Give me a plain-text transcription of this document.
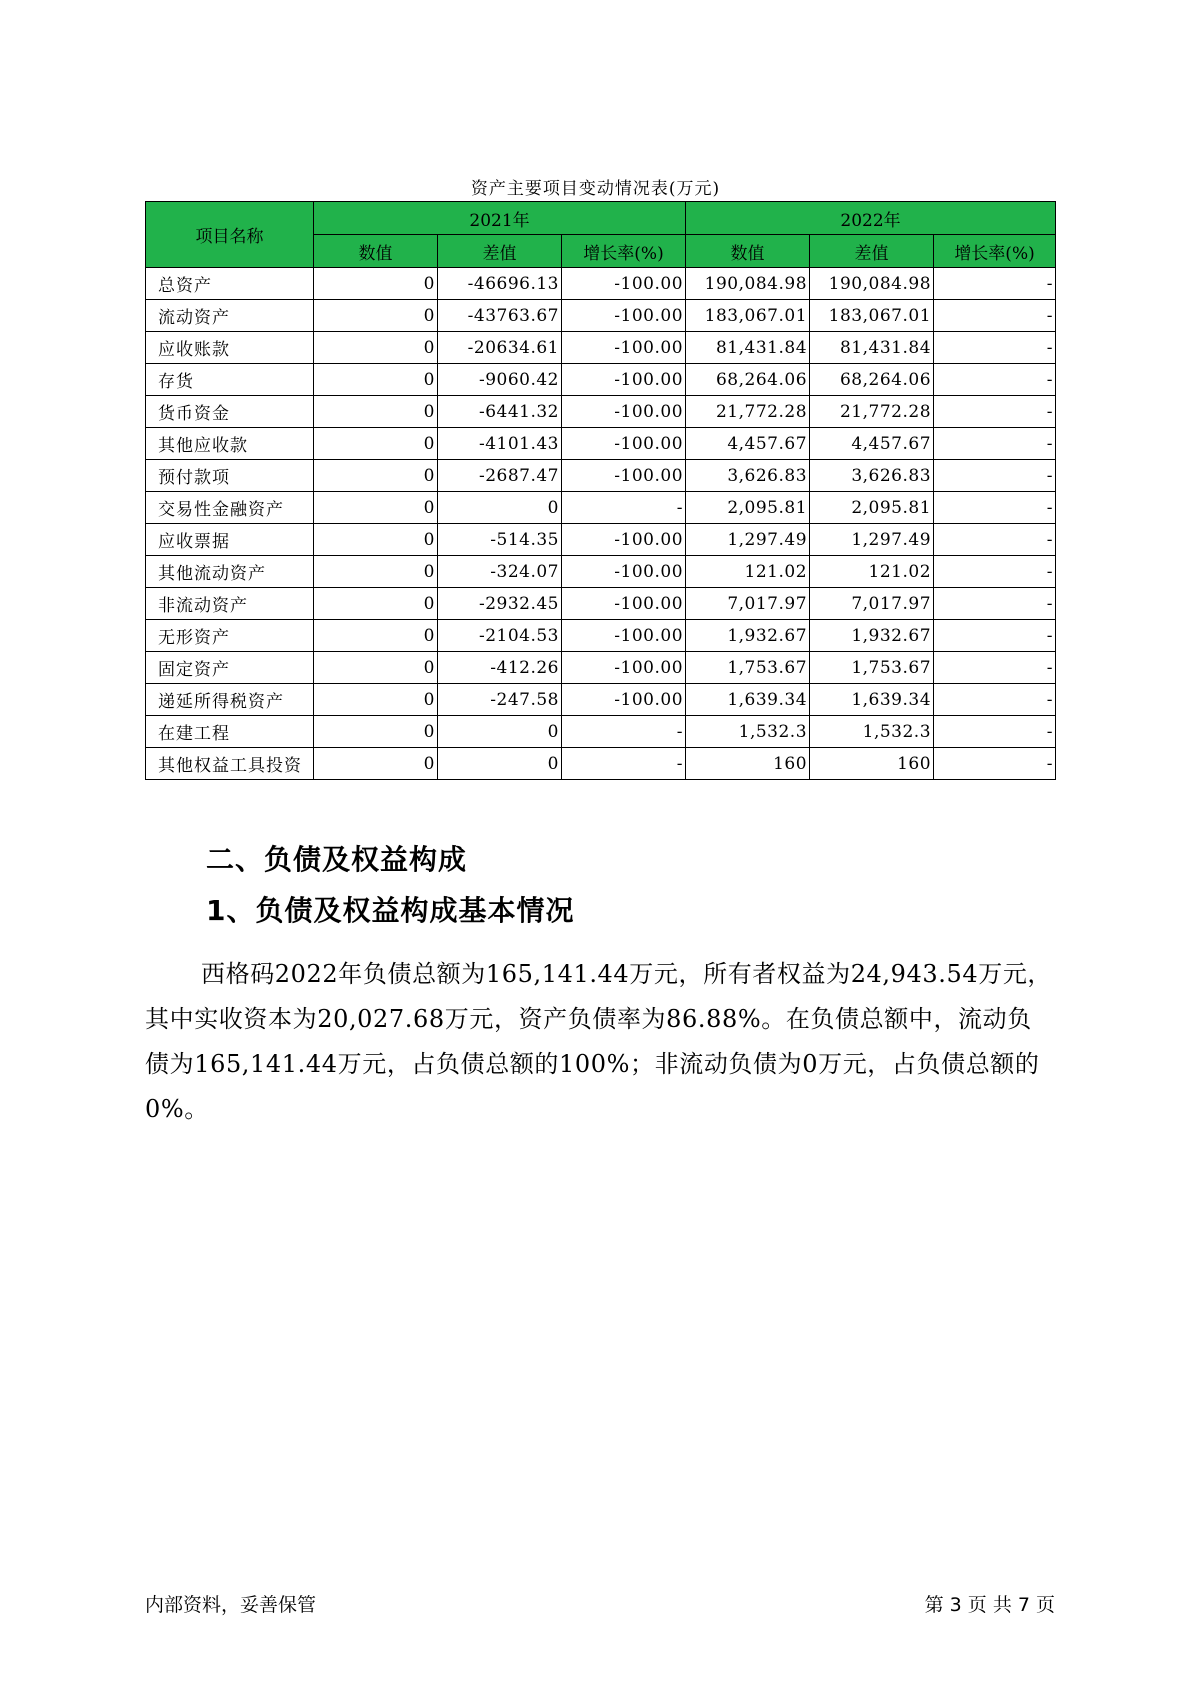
资产主要项目变动情况表(万元)
项目名称	2021年			2022年		
	数值	差值	增长率(%)	数值	差值	增长率(%)
总资产	0	-46696.13	-100.00	190,084.98	190,084.98	-
流动资产	0	-43763.67	-100.00	183,067.01	183,067.01	-
应收账款	0	-20634.61	-100.00	81,431.84	81,431.84	-
存货	0	-9060.42	-100.00	68,264.06	68,264.06	-
货币资金	0	-6441.32	-100.00	21,772.28	21,772.28	-
其他应收款	0	-4101.43	-100.00	4,457.67	4,457.67	-
预付款项	0	-2687.47	-100.00	3,626.83	3,626.83	-
交易性金融资产	0	0	-	2,095.81	2,095.81	-
应收票据	0	-514.35	-100.00	1,297.49	1,297.49	-
其他流动资产	0	-324.07	-100.00	121.02	121.02	-
非流动资产	0	-2932.45	-100.00	7,017.97	7,017.97	-
无形资产	0	-2104.53	-100.00	1,932.67	1,932.67	-
固定资产	0	-412.26	-100.00	1,753.67	1,753.67	-
递延所得税资产	0	-247.58	-100.00	1,639.34	1,639.34	-
在建工程	0	0	-	1,532.3	1,532.3	-
其他权益工具投资	0	0	-	160	160	-
二、负债及权益构成
1、负债及权益构成基本情况
西格码2022年负债总额为165,141.44万元，所有者权益为24,943.54万元，其中实收资本为20,027.68万元，资产负债率为86.88%。在负债总额中，流动负债为165,141.44万元，占负债总额的100%；非流动负债为0万元，占负债总额的0%。
内部资料，妥善保管	第 3 页 共 7 页
